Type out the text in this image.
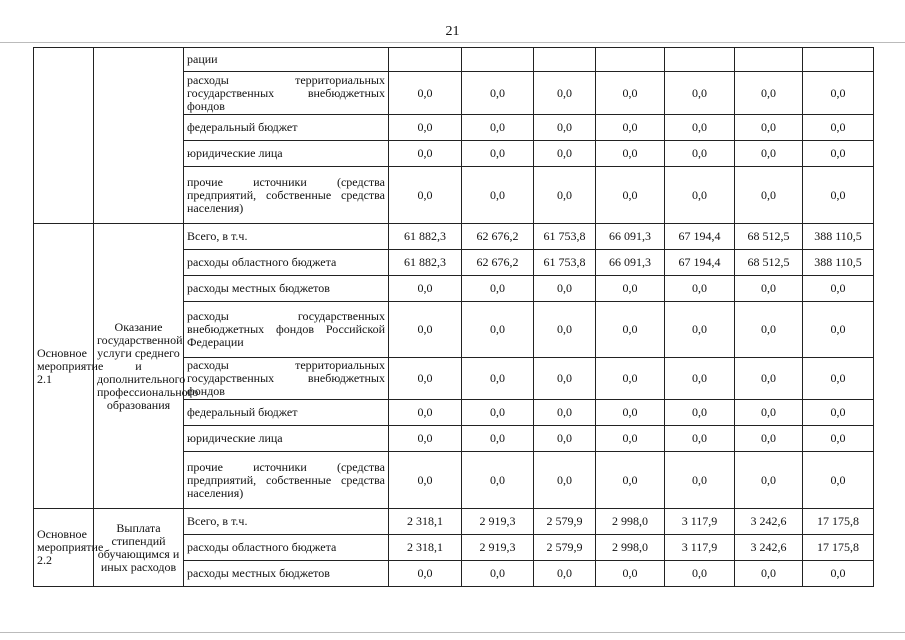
21
		рации							
		расходы территориальных государственных внебюджетных фондов	0,0	0,0	0,0	0,0	0,0	0,0	0,0
		федеральный бюджет	0,0	0,0	0,0	0,0	0,0	0,0	0,0
		юридические лица	0,0	0,0	0,0	0,0	0,0	0,0	0,0
		прочие источники (средства предприятий, собственные средства населения)	0,0	0,0	0,0	0,0	0,0	0,0	0,0
Основное мероприятие 2.1	Оказание государственной услуги среднего и дополнительного профессионального образования	Всего, в т.ч.	61 882,3	62 676,2	61 753,8	66 091,3	67 194,4	68 512,5	388 110,5
		расходы областного бюджета	61 882,3	62 676,2	61 753,8	66 091,3	67 194,4	68 512,5	388 110,5
		расходы местных бюджетов	0,0	0,0	0,0	0,0	0,0	0,0	0,0
		расходы государственных внебюджетных фондов Российской Федерации	0,0	0,0	0,0	0,0	0,0	0,0	0,0
		расходы территориальных государственных внебюджетных фондов	0,0	0,0	0,0	0,0	0,0	0,0	0,0
		федеральный бюджет	0,0	0,0	0,0	0,0	0,0	0,0	0,0
		юридические лица	0,0	0,0	0,0	0,0	0,0	0,0	0,0
		прочие источники (средства предприятий, собственные средства населения)	0,0	0,0	0,0	0,0	0,0	0,0	0,0
Основное мероприятие 2.2	Выплата стипендий обучающимся и иных расходов	Всего, в т.ч.	2 318,1	2 919,3	2 579,9	2 998,0	3 117,9	3 242,6	17 175,8
		расходы областного бюджета	2 318,1	2 919,3	2 579,9	2 998,0	3 117,9	3 242,6	17 175,8
		расходы местных бюджетов	0,0	0,0	0,0	0,0	0,0	0,0	0,0
